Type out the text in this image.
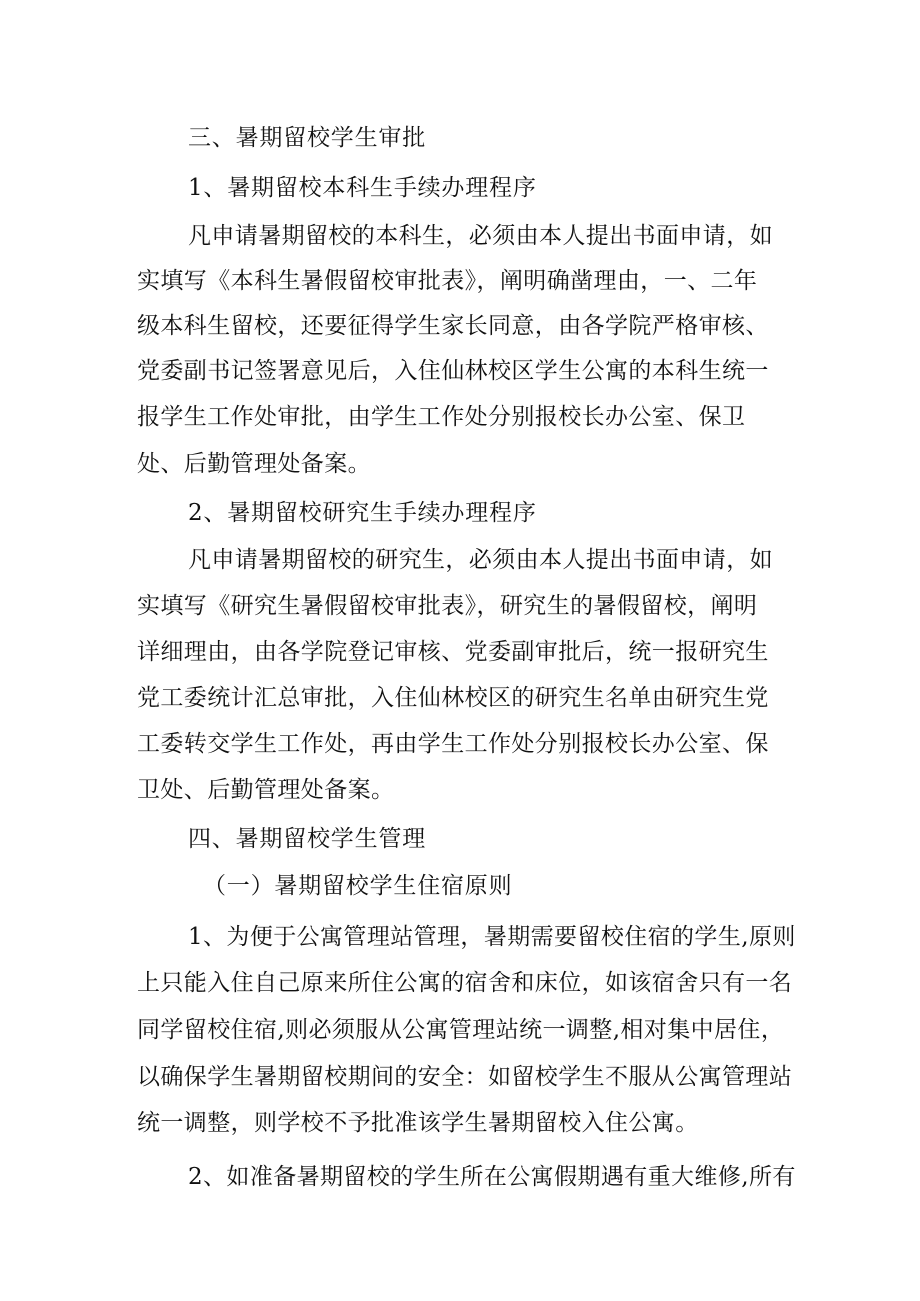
三、暑期留校学生审批
1、暑期留校本科生手续办理程序
凡申请暑期留校的本科生，必须由本人提出书面申请，如
实填写《本科生暑假留校审批表》，阐明确凿理由，一、二年
级本科生留校，还要征得学生家长同意，由各学院严格审核、
党委副书记签署意见后，入住仙林校区学生公寓的本科生统一
报学生工作处审批，由学生工作处分别报校长办公室、保卫
处、后勤管理处备案。
2、暑期留校研究生手续办理程序
凡申请暑期留校的研究生，必须由本人提出书面申请，如
实填写《研究生暑假留校审批表》，研究生的暑假留校，阐明
详细理由，由各学院登记审核、党委副审批后，统一报研究生
党工委统计汇总审批，入住仙林校区的研究生名单由研究生党
工委转交学生工作处，再由学生工作处分别报校长办公室、保
卫处、后勤管理处备案。
四、暑期留校学生管理
（一）暑期留校学生住宿原则
1、为便于公寓管理站管理，暑期需要留校住宿的学生,原则
上只能入住自己原来所住公寓的宿舍和床位，如该宿舍只有一名
同学留校住宿,则必须服从公寓管理站统一调整,相对集中居住，
以确保学生暑期留校期间的安全：如留校学生不服从公寓管理站
统一调整，则学校不予批准该学生暑期留校入住公寓。
2、如准备暑期留校的学生所在公寓假期遇有重大维修,所有
